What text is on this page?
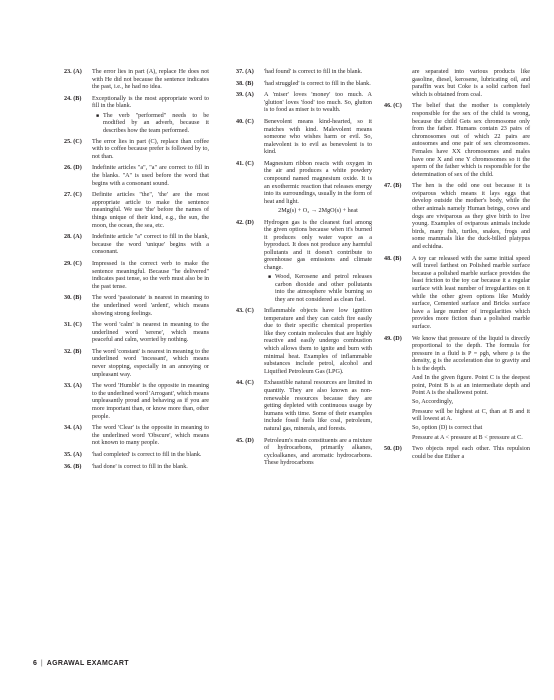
23. (A)	The error lies in part (A), replace He does not with He did not because the sentence indicates the past, i.e., he had no idea.

24. (B)	Exceptionally is the most appropriate word to fill in the blank.

■ The verb "performed" needs to be modified by an adverb, because it describes how the team performed.
25. (C)	The error lies in part (C), replace than coffee with to coffee because prefer is followed by to, not than.

26. (D)	Indefinite articles "a", "a" are correct to fill in the blanks. "A" is used before the word that begins with a consonant sound.

27. (C)	Definite articles "the", 'the' are the most appropriate article to make the sentence meaningful. We use 'the' before the names of things unique of their kind, e.g., the sun, the moon, the ocean, the sea, etc.

28. (A)	Indefinite article "a" correct to fill in the blank, because the word 'unique' begins with a consonant.

29. (C)	Impressed is the correct verb to make the sentence meaningful. Because "he delivered" indicates past tense, so the verb must also be in the past tense.

30. (B)	The word 'passionate' is nearest in meaning to the underlined word 'ardent', which means showing strong feelings.

31. (C)	The word 'calm' is nearest in meaning to the underlined word 'serene', which means peaceful and calm, worried by nothing.

32. (B)	The word 'constant' is nearest in meaning to the underlined word 'incessant', which means never stopping, especially in an annoying or unpleasant way.

33. (A)	The word 'Humble' is the opposite in meaning to the underlined word 'Arrogant', which means unpleasantly proud and behaving as if you are more important than, or know more than, other people.

34. (A)	The word 'Clear' is the opposite in meaning to the underlined word 'Obscure', which means not known to many people.

35. (A)	'had completed' is correct to fill in the blank.

36. (B)	'had done' is correct to fill in the blank.

37. (A)	'had found' is correct to fill in the blank.

38. (B)	'had struggled' is correct to fill in the blank.

39. (A)	A 'miser' loves 'money' too much. A 'glutton' loves 'food' too much. So, glutton is to food as miser is to wealth.

40. (C)	Benevolent means kind-hearted, so it matches with kind. Malevolent means someone who wishes harm or evil. So, malevolent is to evil as benevolent is to kind.

41. (C)	Magnesium ribbon reacts with oxygen in the air and produces a white powdery compound named magnesium oxide. It is an exothermic reaction that releases energy into its surroundings, usually in the form of heat and light.

2Mg(s) + O₂ → 2MgO(s) + heat
42. (D)	Hydrogen gas is the cleanest fuel among the given options because when it's burned it produces only water vapor as a byproduct. It does not produce any harmful pollutants and it doesn't contribute to greenhouse gas emissions and climate change.

■ Wood, Kerosene and petrol releases carbon dioxide and other pollutants into the atmosphere while burning so they are not considered as clean fuel.
43. (C)	Inflammable objects have low ignition temperature and they can catch fire easily due to their specific chemical properties like they contain molecules that are highly reactive and easily undergo combustion which allows them to ignite and burn with minimal heat. Examples of inflammable substances include petrol, alcohol and Liquified Petroleum Gas (LPG).

44. (C)	Exhaustible natural resources are limited in quantity. They are also known as non-renewable resources because they are getting depleted with continuous usage by humans with time. Some of their examples include fossil fuels like coal, petroleum, natural gas, minerals, and forests.

45. (D)	Petroleum's main constituents are a mixture of hydrocarbons, primarily alkanes, cycloalkanes, and aromatic hydrocarbons. These hydrocarbons

are separated into various products like gasoline, diesel, kerosene, lubricating oil, and paraffin wax but Coke is a solid carbon fuel which is obtained from coal.

46. (C)	The belief that the mother is completely responsible for the sex of the child is wrong, because the child Gets sex chromosome only from the father. Humans contain 23 pairs of chromosomes out of which 22 pairs are autosomes and one pair of sex chromosomes. Females have XX chromosomes and males have one X and one Y chromosomes so it the sperm of the father which is responsible for the determination of sex of the child.

47. (B)	The hen is the odd one out because it is oviparous which means it lays eggs that develop outside the mother's body, while the other animals namely Human beings, cows and dogs are viviparous as they give birth to live young. Examples of oviparous animals include birds, many fish, turtles, snakes, frogs and some mammals like the duck-billed platypus and echidna.

48. (B)	A toy car released with the same initial speed will travel farthest on Polished marble surface because a polished marble surface provides the least friction to the toy car because it a regular surface with least number of irregularities on it while the other given options like Muddy surface, Cemented surface and Bricks surface have a large number of irregularities which provides more fiction than a polished marble surface.

49. (D)	We know that pressure of the liquid is directly proportional to the depth. The formula for pressure in a fluid is P = ρgh, where ρ is the density, g is the acceleration due to gravity and h is the depth.

And In the given figure. Point C is the deepest point, Point B is at an intermediate depth and Point A is the shallowest point.

So, Accordingly,

Pressure will be highest at C, than at B and it will lowest at A.

So, option (D) is correct that

Pressure at A < pressure at B < pressure at C.

50. (D)	Two objects repel each other. This repulsion could be due Either a

6 | AGRAWAL EXAMCART
